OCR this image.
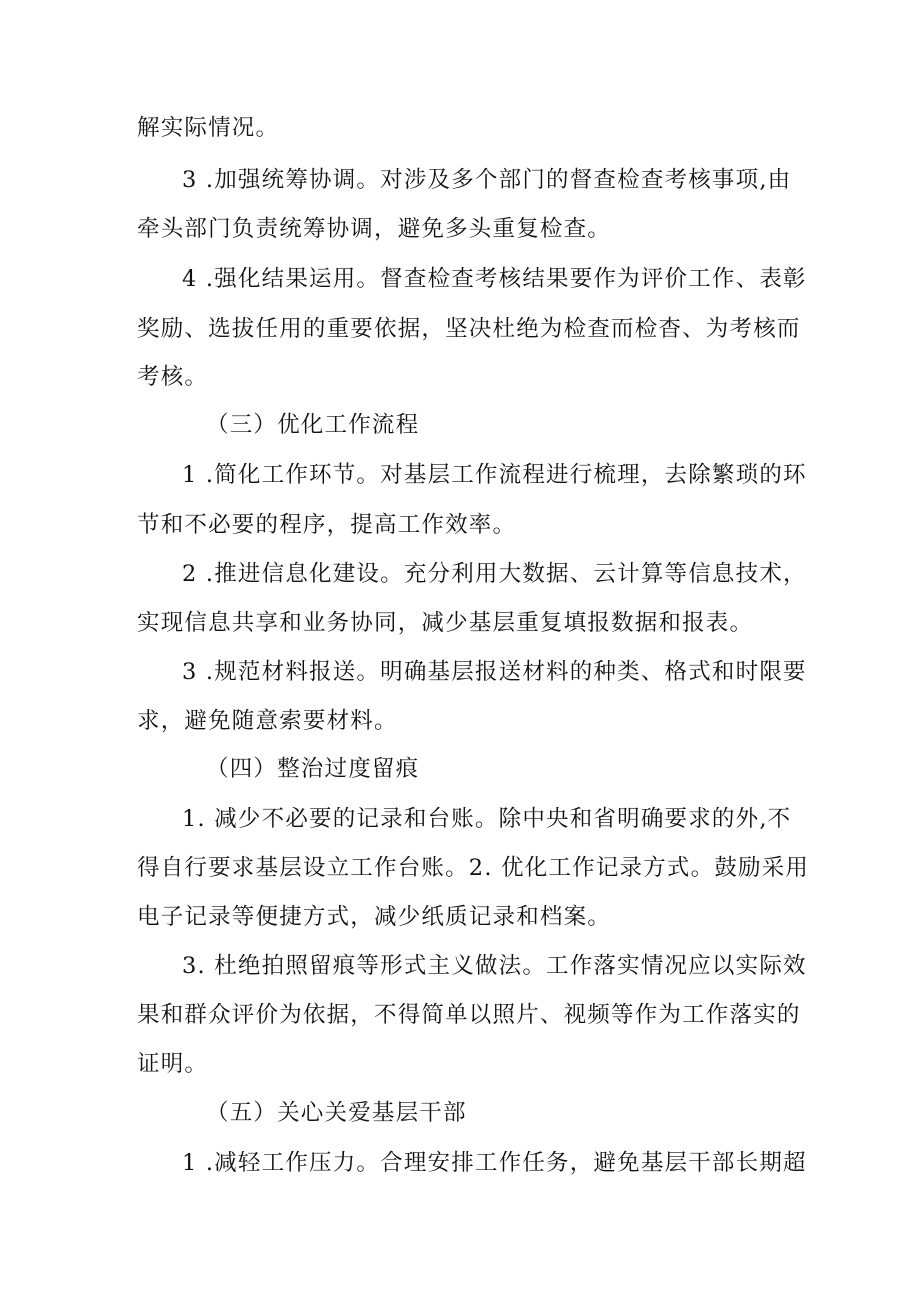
解实际情况。
3 .加强统筹协调。对涉及多个部门的督查检查考核事项,由
牵头部门负责统筹协调，避免多头重复检查。
4 .强化结果运用。督查检查考核结果要作为评价工作、表彰
奖励、选拔任用的重要依据，坚决杜绝为检查而检杳、为考核而
考核。
（三）优化工作流程
1 .简化工作环节。对基层工作流程进行梳理，去除繁琐的环
节和不必要的程序，提高工作效率。
2 .推进信息化建设。充分利用大数据、云计算等信息技术，
实现信息共享和业务协同，减少基层重复填报数据和报表。
3 .规范材料报送。明确基层报送材料的种类、格式和时限要
求，避免随意索要材料。
（四）整治过度留痕
1. 减少不必要的记录和台账。除中央和省明确要求的外,不
得自行要求基层设立工作台账。2. 优化工作记录方式。鼓励采用
电子记录等便捷方式，减少纸质记录和档案。
3. 杜绝拍照留痕等形式主义做法。工作落实情况应以实际效
果和群众评价为依据，不得简单以照片、视频等作为工作落实的
证明。
（五）关心关爱基层干部
1 .减轻工作压力。合理安排工作任务，避免基层干部长期超
